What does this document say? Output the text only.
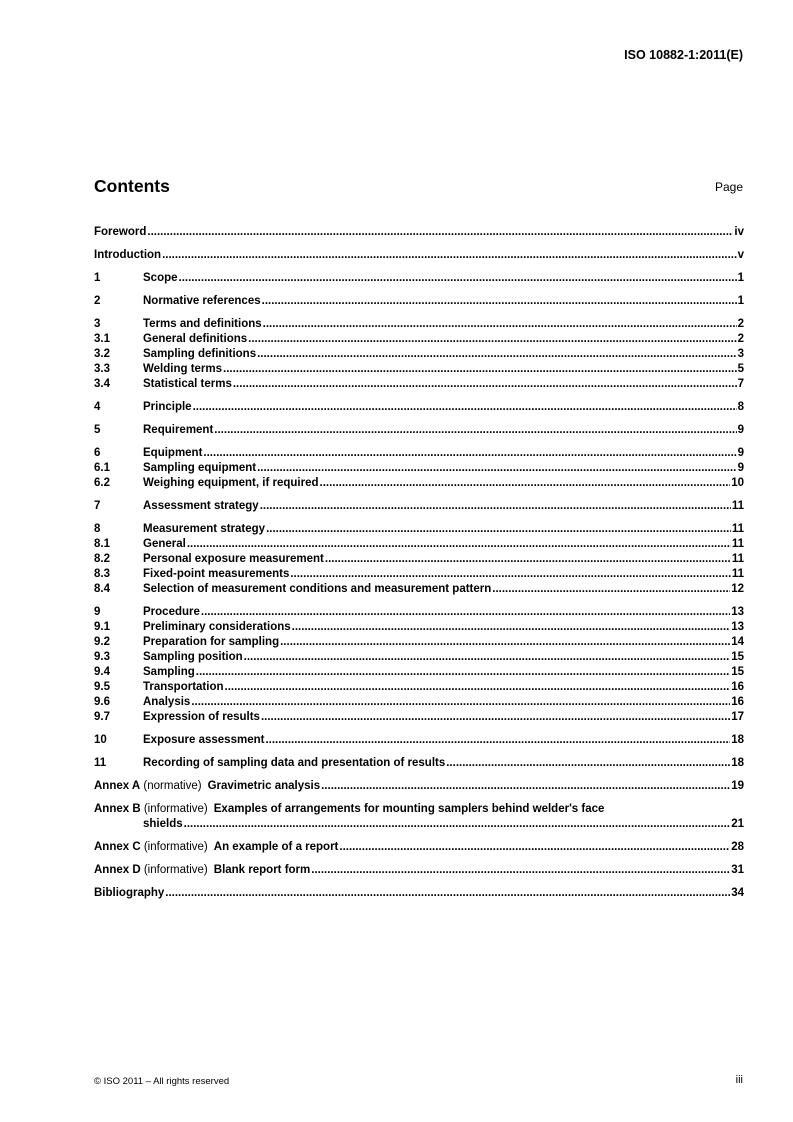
ISO 10882-1:2011(E)
Contents	Page
Foreword .....	iv
Introduction .....	v
1	Scope .....	1
2	Normative references .....	1
3	Terms and definitions .....	2
3.1	General definitions .....	2
3.2	Sampling definitions .....	3
3.3	Welding terms .....	5
3.4	Statistical terms .....	7
4	Principle .....	8
5	Requirement .....	9
6	Equipment .....	9
6.1	Sampling equipment .....	9
6.2	Weighing equipment, if required .....	10
7	Assessment strategy .....	11
8	Measurement strategy .....	11
8.1	General .....	11
8.2	Personal exposure measurement .....	11
8.3	Fixed-point measurements .....	11
8.4	Selection of measurement conditions and measurement pattern .....	12
9	Procedure .....	13
9.1	Preliminary considerations .....	13
9.2	Preparation for sampling .....	14
9.3	Sampling position .....	15
9.4	Sampling .....	15
9.5	Transportation .....	16
9.6	Analysis .....	16
9.7	Expression of results .....	17
10	Exposure assessment .....	18
11	Recording of sampling data and presentation of results .....	18
Annex A (normative) Gravimetric analysis .....	19
Annex B (informative) Examples of arrangements for mounting samplers behind welder's face
shields .....	21
Annex C (informative) An example of a report .....	28
Annex D (informative) Blank report form .....	31
Bibliography .....	34
© ISO 2011 – All rights reserved	iii
